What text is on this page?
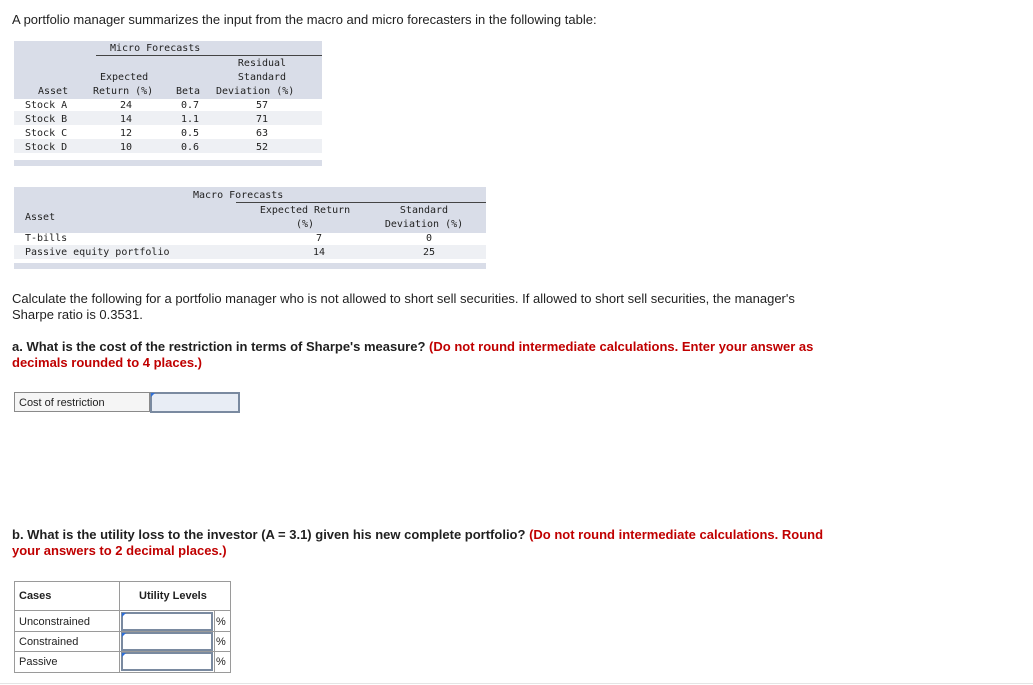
A portfolio manager summarizes the input from the macro and micro forecasters in the following table:
Micro Forecasts
Residual
Expected	Standard
Asset Return (%) Beta Deviation (%)
Stock A	24	0.7	57
Stock B	14	1.1	71
Stock C	12	0.5	63
Stock D	10	0.6	52
Macro Forecasts
Expected Return	Standard
Asset
(%)	Deviation (%)
T-bills	7	0
Passive equity portfolio	14	25
Calculate the following for a portfolio manager who is not allowed to short sell securities. If allowed to short sell securities, the manager's Sharpe ratio is 0.3531.
a. What is the cost of the restriction in terms of Sharpe's measure? (Do not round intermediate calculations. Enter your answer as decimals rounded to 4 places.)
Cost of restriction
b. What is the utility loss to the investor (A = 3.1) given his new complete portfolio? (Do not round intermediate calculations. Round your answers to 2 decimal places.)
Cases	Utility Levels
Unconstrained	%
Constrained	%
Passive	%
